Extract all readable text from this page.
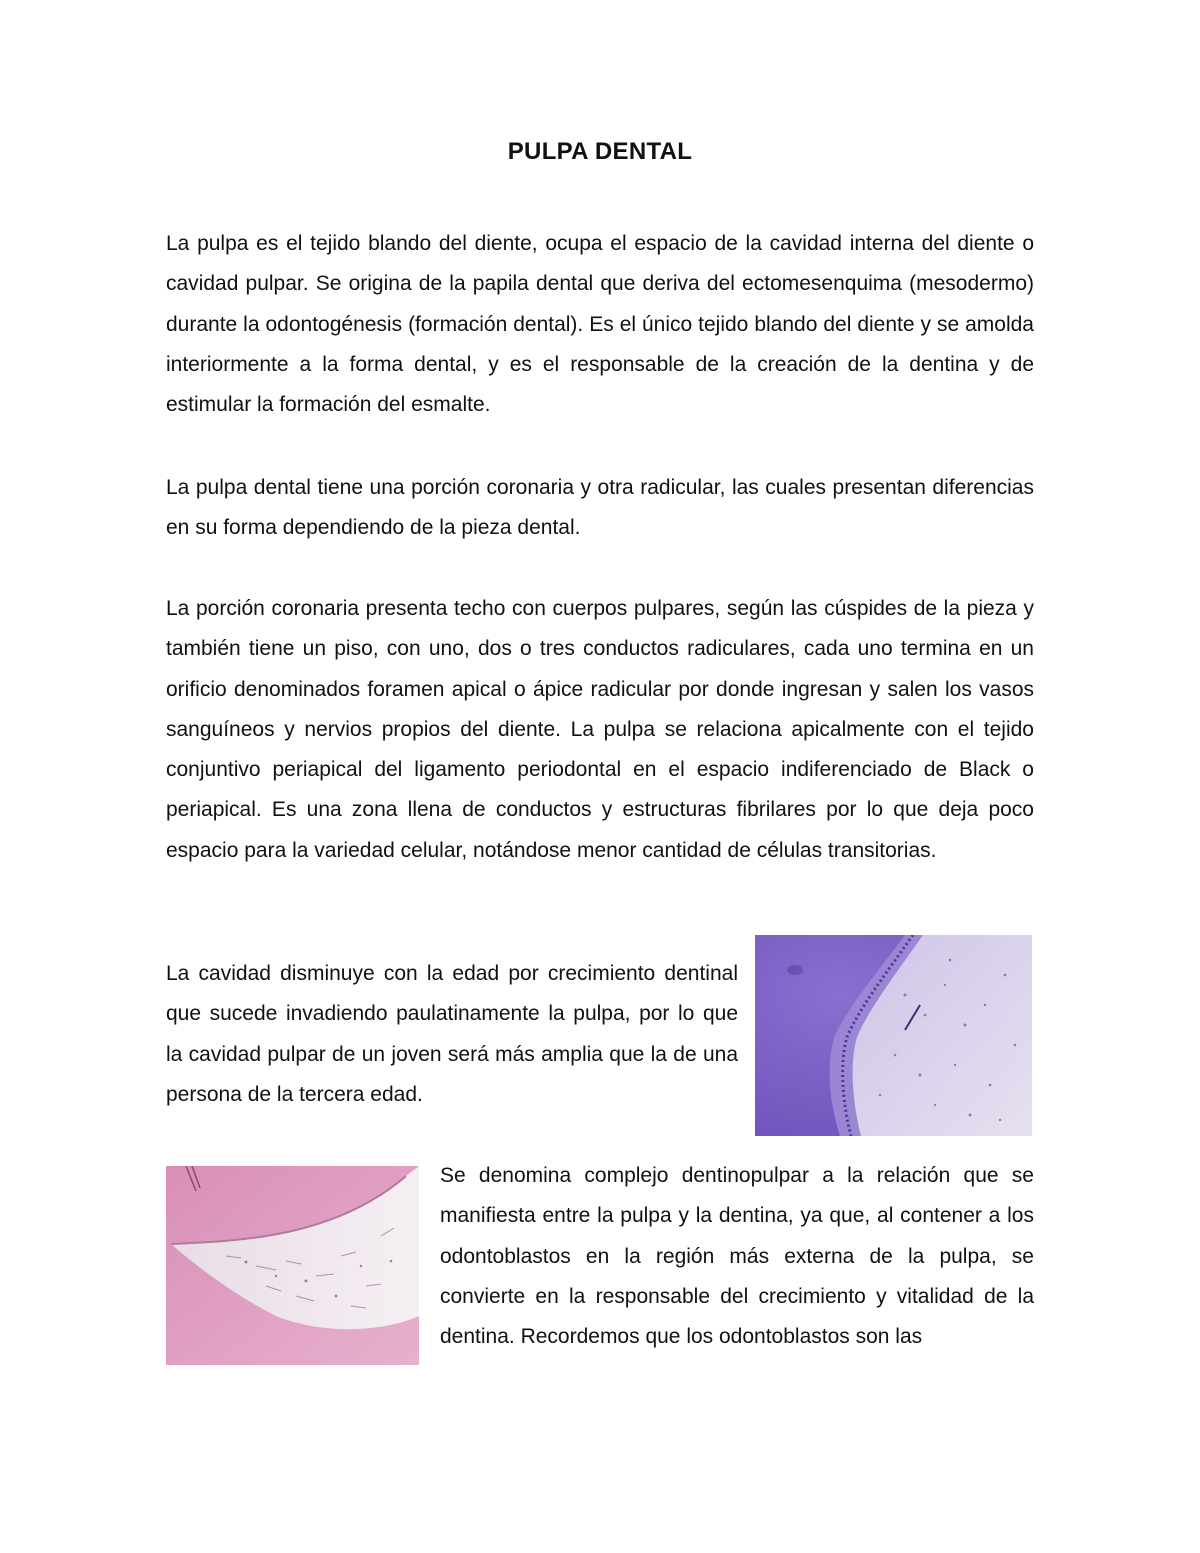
PULPA DENTAL

La pulpa es el tejido blando del diente, ocupa el espacio de la cavidad interna del diente o cavidad pulpar. Se origina de la papila dental que deriva del ectomesenquima (mesodermo) durante la odontogénesis (formación dental). Es el único tejido blando del diente y se amolda interiormente a la forma dental, y es el responsable de la creación de la dentina y de estimular la formación del esmalte.

La pulpa dental tiene una porción coronaria y otra radicular, las cuales presentan diferencias en su forma dependiendo de la pieza dental.

La porción coronaria presenta techo con cuerpos pulpares, según las cúspides de la pieza y también tiene un piso, con uno, dos o tres conductos radiculares, cada uno termina en un orificio denominados foramen apical o ápice radicular por donde ingresan y salen los vasos sanguíneos y nervios propios del diente. La pulpa se relaciona apicalmente con el tejido conjuntivo periapical del ligamento periodontal en el espacio indiferenciado de Black o periapical. Es una zona llena de conductos y estructuras fibrilares por lo que deja poco espacio para la variedad celular, notándose menor cantidad de células transitorias.

La cavidad disminuye con la edad por crecimiento dentinal que sucede invadiendo paulatinamente la pulpa, por lo que la cavidad pulpar de un joven será más amplia que la de una persona de la tercera edad.

Se denomina complejo dentinopulpar a la relación que se manifiesta entre la pulpa y la dentina, ya que, al contener a los odontoblastos en la región más externa de la pulpa, se convierte en la responsable del crecimiento y vitalidad de la dentina. Recordemos que los odontoblastos son las
